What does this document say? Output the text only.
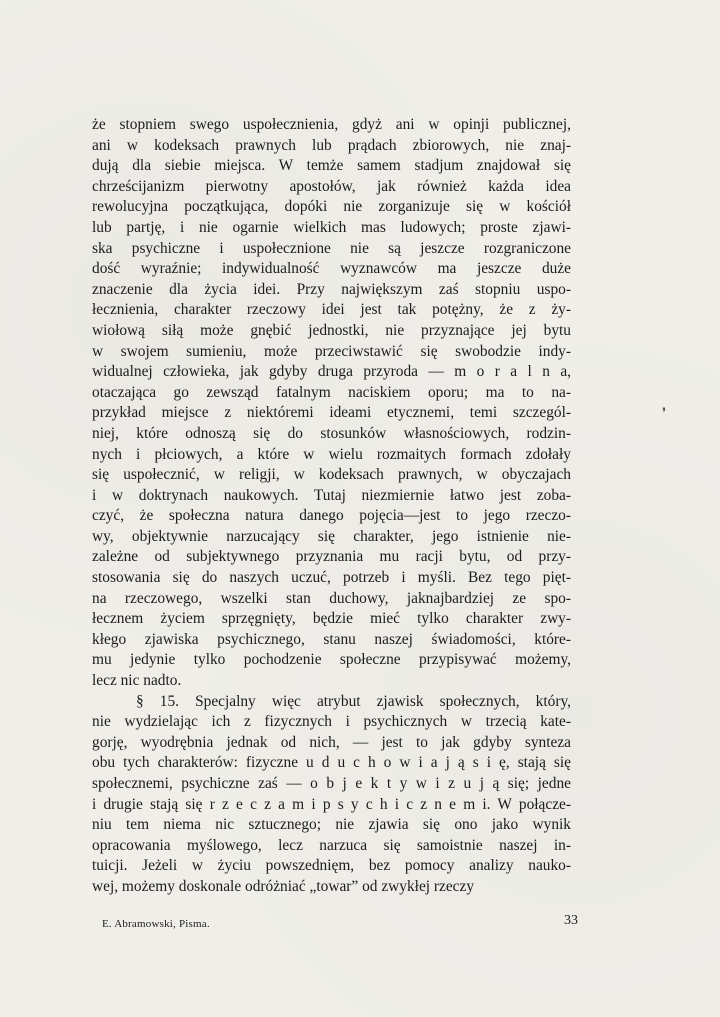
że stopniem swego uspołecznienia, gdyż ani w opinji publicznej,
ani w kodeksach prawnych lub prądach zbiorowych, nie znaj-
dują dla siebie miejsca. W temże samem stadjum znajdował się
chrześcijanizm pierwotny apostołów, jak również każda idea
rewolucyjna początkująca, dopóki nie zorganizuje się w kościół
lub partję, i nie ogarnie wielkich mas ludowych; proste zjawi-
ska psychiczne i uspołecznione nie są jeszcze rozgraniczone
dość wyraźnie; indywidualność wyznawców ma jeszcze duże
znaczenie dla życia idei. Przy największym zaś stopniu uspo-
łecznienia, charakter rzeczowy idei jest tak potężny, że z ży-
wiołową siłą może gnębić jednostki, nie przyznające jej bytu
w swojem sumieniu, może przeciwstawić się swobodzie indy-
widualnej człowieka, jak gdyby druga przyroda — m o r a l n a,
otaczająca go zewsząd fatalnym naciskiem oporu; ma to na-
przykład miejsce z niektóremi ideami etycznemi, temi szczegól-
niej, które odnoszą się do stosunków własnościowych, rodzin-
nych i płciowych, a które w wielu rozmaitych formach zdołały
się uspołecznić, w religji, w kodeksach prawnych, w obyczajach
i w doktrynach naukowych. Tutaj niezmiernie łatwo jest zoba-
czyć, że społeczna natura danego pojęcia—jest to jego rzeczo-
wy, objektywnie narzucający się charakter, jego istnienie nie-
zależne od subjektywnego przyznania mu racji bytu, od przy-
stosowania się do naszych uczuć, potrzeb i myśli. Bez tego pięt-
na rzeczowego, wszelki stan duchowy, jaknajbardziej ze spo-
łecznem życiem sprzęgnięty, będzie mieć tylko charakter zwy-
kłego zjawiska psychicznego, stanu naszej świadomości, które-
mu jedynie tylko pochodzenie społeczne przypisywać możemy,
lecz nic nadto.
§ 15. Specjalny więc atrybut zjawisk społecznych, który,
nie wydzielając ich z fizycznych i psychicznych w trzecią kate-
gorję, wyodrębnia jednak od nich, — jest to jak gdyby synteza
obu tych charakterów: fizyczne u d u c h o w i a j ą s i ę, stają się
społecznemi, psychiczne zaś — o b j e k t y w i z u j ą się; jedne
i drugie stają się r z e c z a m i p s y c h i c z n e m i. W połącze-
niu tem niema nic sztucznego; nie zjawia się ono jako wynik
opracowania myślowego, lecz narzuca się samoistnie naszej in-
tuicji. Jeżeli w życiu powszednięm, bez pomocy analizy nauko-
wej, możemy doskonale odróżniać „towar” od zwykłej rzeczy
E. Abramowski, Pisma.	33
❜
